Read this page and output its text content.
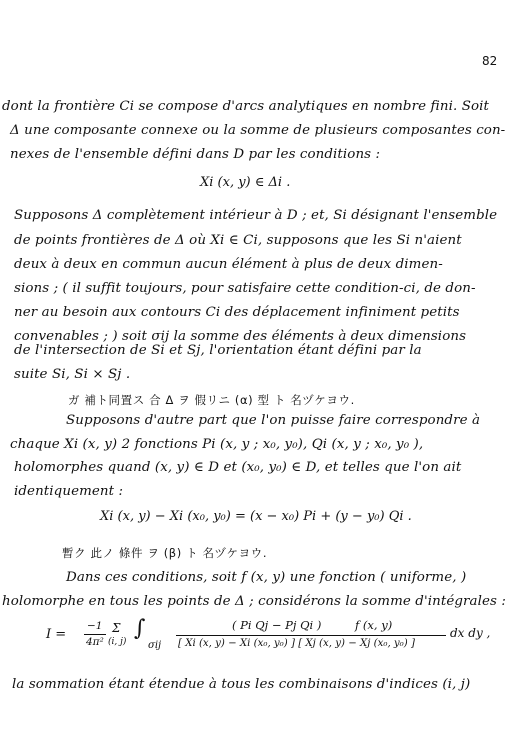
82
dont la frontière Ci se compose d'arcs analytiques en nombre fini. Soit
Δ une composante connexe ou la somme de plusieurs composantes con-
nexes de l'ensemble défini dans D par les conditions :
Xi (x, y) ∈ Δi .
Supposons Δ complètement intérieur à D ; et, Si désignant l'ensemble
de points frontières de Δ où Xi ∈ Ci, supposons que les Si n'aient
deux à deux en commun aucun élément à plus de deux dimen-
sions ; ( il suffit toujours, pour satisfaire cette condition-ci, de don-
ner au besoin aux contours Ci des déplacement infiniment petits
convenables ; ) soit σij la somme des éléments à deux dimensions
de l'intersection de Si et Sj, l'orientation étant défini par la
suite Si, Si × Sj .
ガ 補ト同置ス 合 Δ ヲ 假リニ (α) 型 ト 名ヅケヨウ.
Supposons d'autre part que l'on puisse faire correspondre à
chaque Xi (x, y) 2 fonctions Pi (x, y ; x₀, y₀), Qi (x, y ; x₀, y₀ ),
holomorphes quand (x, y) ∈ D et (x₀, y₀) ∈ D, et telles que l'on ait
identiquement :
Xi (x, y) − Xi (x₀, y₀) = (x − x₀) Pi + (y − y₀) Qi .
暫ク 此ノ 條件 ヲ (β) ト 名ヅケヨウ.
Dans ces conditions, soit f (x, y) une fonction ( uniforme, )
holomorphe en tous les points de Δ ; considérons la somme d'intégrales :
I =
−1
4π²
Σ
(i, j)
∫
σij
( Pi Qj − Pj Qi )	f (x, y)
[ Xi (x, y) − Xi (x₀, y₀) ] [ Xj (x, y) − Xj (x₀, y₀) ]
dx dy ,
la sommation étant étendue à tous les combinaisons d'indices (i, j)
